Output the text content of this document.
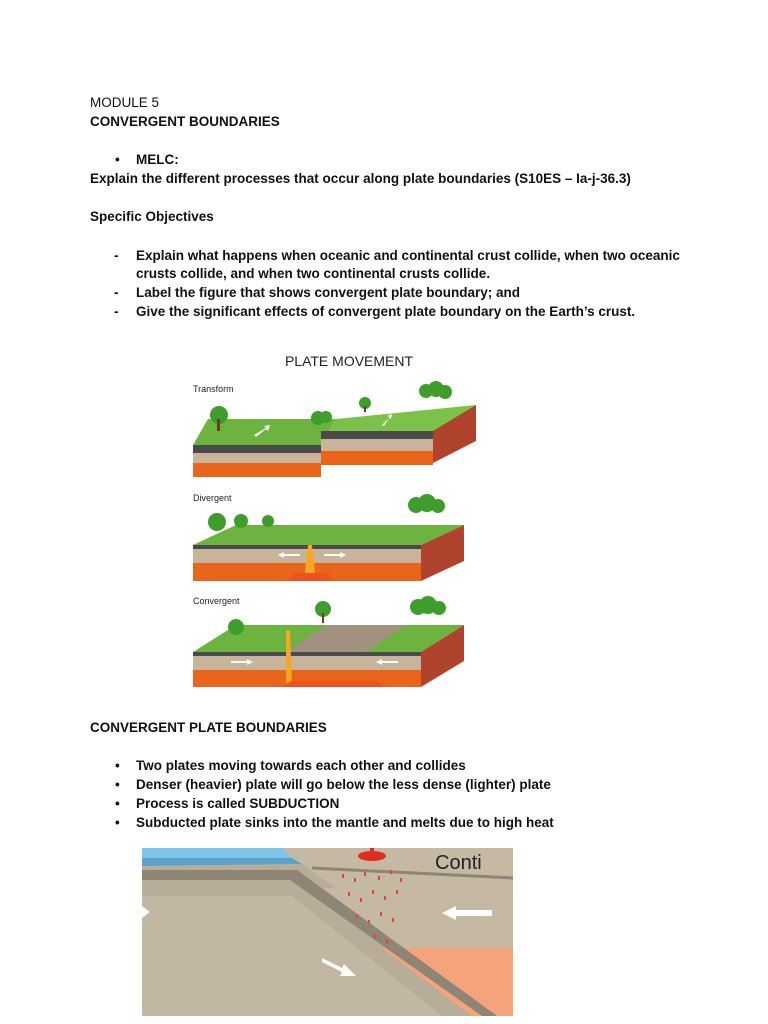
MODULE 5
CONVERGENT BOUNDARIES
• MELC:
Explain the different processes that occur along plate boundaries (S10ES – Ia-j-36.3)
Specific Objectives
- Explain what happens when oceanic and continental crust collide, when two oceanic
crusts collide, and when two continental crusts collide.
- Label the figure that shows convergent plate boundary; and
- Give the significant effects of convergent plate boundary on the Earth’s crust.
PLATE MOVEMENT
Transform
Divergent
Convergent
CONVERGENT PLATE BOUNDARIES
• Two plates moving towards each other and collides
• Denser (heavier) plate will go below the less dense (lighter) plate
• Process is called SUBDUCTION
• Subducted plate sinks into the mantle and melts due to high heat
Conti
